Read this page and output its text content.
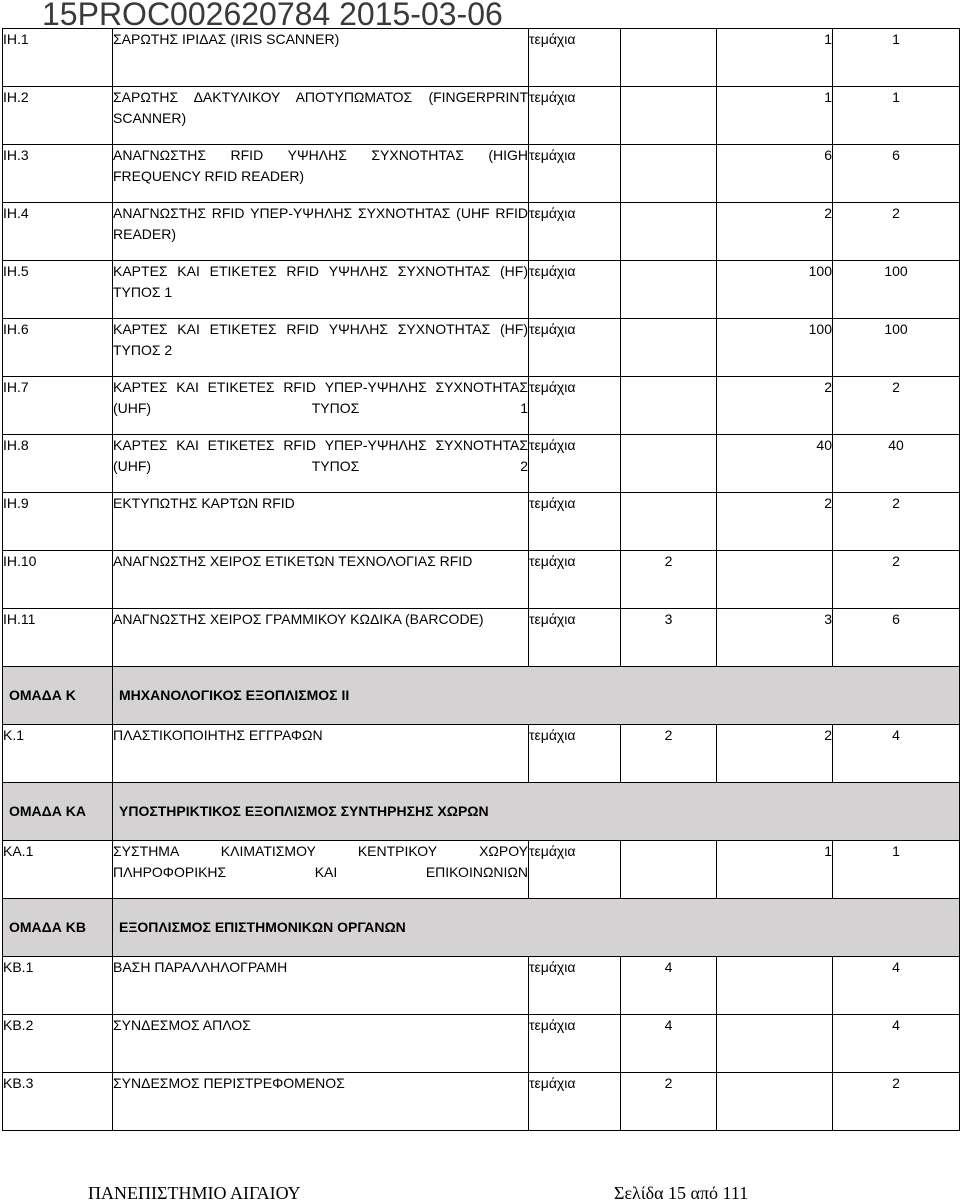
15PROC002620784 2015-03-06
ΙΗ.1	ΣΑΡΩΤΗΣ ΙΡΙΔΑΣ (IRIS SCANNER)	τεμάχια		1	1
ΙΗ.2	ΣΑΡΩΤΗΣ ΔΑΚΤΥΛΙΚΟΥ ΑΠΟΤΥΠΩΜΑΤΟΣ (FINGERPRINT SCANNER)	τεμάχια		1	1
ΙΗ.3	ΑΝΑΓΝΩΣΤΗΣ RFID ΥΨΗΛΗΣ ΣΥΧΝΟΤΗΤΑΣ (HIGH FREQUENCY RFID READER)	τεμάχια		6	6
ΙΗ.4	ΑΝΑΓΝΩΣΤΗΣ RFID ΥΠΕΡ-ΥΨΗΛΗΣ ΣΥΧΝΟΤΗΤΑΣ (UHF RFID READER)	τεμάχια		2	2
ΙΗ.5	ΚΑΡΤΕΣ ΚΑΙ ΕΤΙΚΕΤΕΣ RFID ΥΨΗΛΗΣ ΣΥΧΝΟΤΗΤΑΣ (HF) ΤΥΠΟΣ 1	τεμάχια		100	100
ΙΗ.6	ΚΑΡΤΕΣ ΚΑΙ ΕΤΙΚΕΤΕΣ RFID ΥΨΗΛΗΣ ΣΥΧΝΟΤΗΤΑΣ (HF) ΤΥΠΟΣ 2	τεμάχια		100	100
ΙΗ.7	ΚΑΡΤΕΣ ΚΑΙ ΕΤΙΚΕΤΕΣ RFID ΥΠΕΡ-ΥΨΗΛΗΣ ΣΥΧΝΟΤΗΤΑΣ (UHF) ΤΥΠΟΣ 1	τεμάχια		2	2
ΙΗ.8	ΚΑΡΤΕΣ ΚΑΙ ΕΤΙΚΕΤΕΣ RFID ΥΠΕΡ-ΥΨΗΛΗΣ ΣΥΧΝΟΤΗΤΑΣ (UHF) ΤΥΠΟΣ 2	τεμάχια		40	40
ΙΗ.9	ΕΚΤΥΠΩΤΗΣ ΚΑΡΤΩΝ RFID	τεμάχια		2	2
ΙΗ.10	ΑΝΑΓΝΩΣΤΗΣ ΧΕΙΡΟΣ ΕΤΙΚΕΤΩΝ ΤΕΧΝΟΛΟΓΙΑΣ RFID	τεμάχια	2		2
ΙΗ.11	ΑΝΑΓΝΩΣΤΗΣ ΧΕΙΡΟΣ ΓΡΑΜΜΙΚΟΥ ΚΩΔΙΚΑ (BARCODE)	τεμάχια	3	3	6
ΟΜΑΔΑ Κ	ΜΗΧΑΝΟΛΟΓΙΚΟΣ ΕΞΟΠΛΙΣΜΟΣ ΙΙ				
Κ.1	ΠΛΑΣΤΙΚΟΠΟΙΗΤΗΣ ΕΓΓΡΑΦΩΝ	τεμάχια	2	2	4
ΟΜΑΔΑ ΚΑ	ΥΠΟΣΤΗΡΙΚΤΙΚΟΣ ΕΞΟΠΛΙΣΜΟΣ ΣΥΝΤΗΡΗΣΗΣ ΧΩΡΩΝ				
ΚΑ.1	ΣΥΣΤΗΜΑ ΚΛΙΜΑΤΙΣΜΟΥ ΚΕΝΤΡΙΚΟΥ ΧΩΡΟΥ ΠΛΗΡΟΦΟΡΙΚΗΣ ΚΑΙ ΕΠΙΚΟΙΝΩΝΙΩΝ	τεμάχια		1	1
ΟΜΑΔΑ ΚΒ	ΕΞΟΠΛΙΣΜΟΣ ΕΠΙΣΤΗΜΟΝΙΚΩΝ ΟΡΓΑΝΩΝ				
ΚΒ.1	ΒΑΣΗ ΠΑΡΑΛΛΗΛΟΓΡΑΜΗ	τεμάχια	4		4
ΚΒ.2	ΣΥΝΔΕΣΜΟΣ ΑΠΛΟΣ	τεμάχια	4		4
ΚΒ.3	ΣΥΝΔΕΣΜΟΣ ΠΕΡΙΣΤΡΕΦΟΜΕΝΟΣ	τεμάχια	2		2
ΠΑΝΕΠΙΣΤΗΜΙΟ ΑΙΓΑΙΟΥ	Σελίδα 15 από 111
